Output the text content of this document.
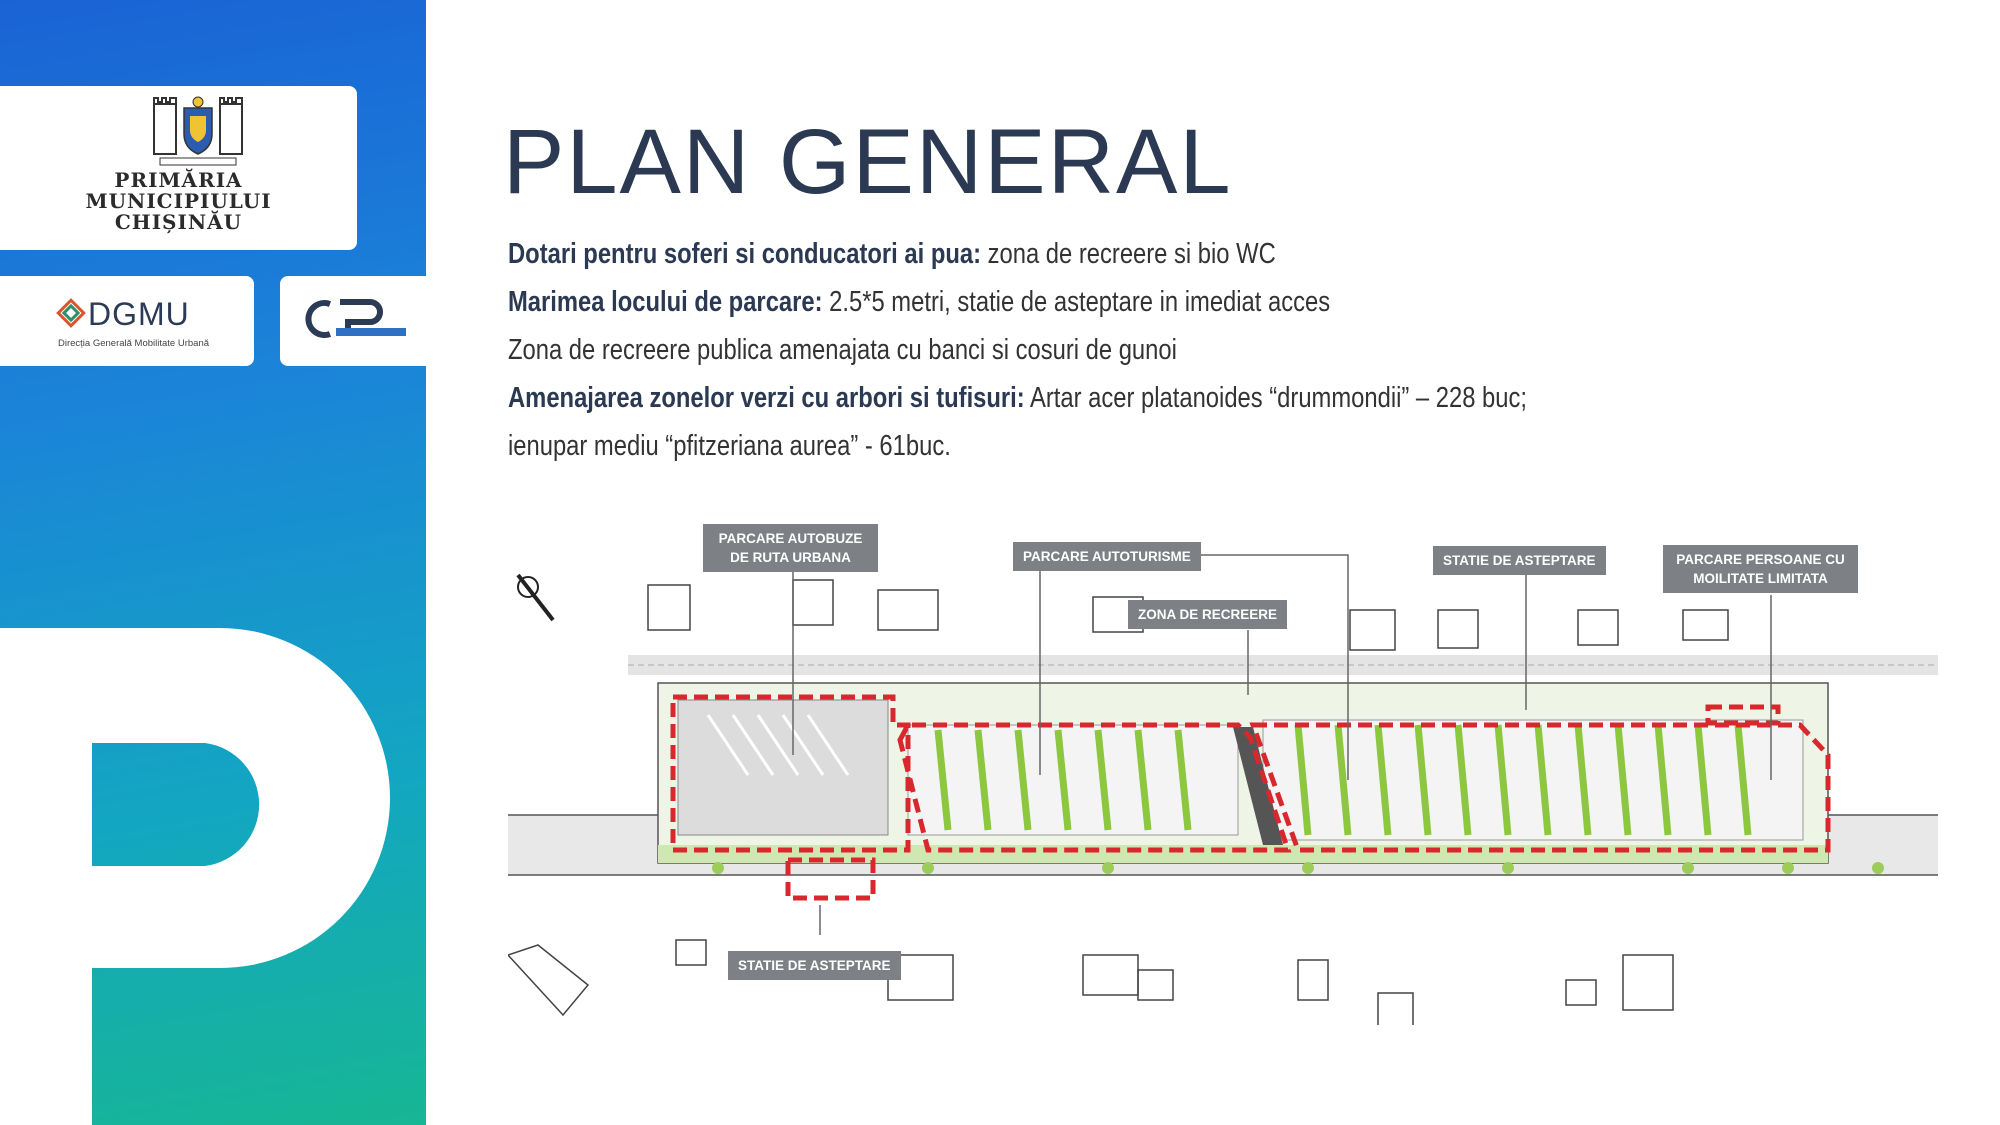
PRIMĂRIA
MUNICIPIULUI
CHIȘINĂU
DGMU
Direcția Generală Mobilitate Urbană
PLAN GENERAL
Dotari pentru soferi si conducatori ai pua: zona de recreere si bio WC
Marimea locului de parcare: 2.5*5 metri, statie de asteptare in imediat acces
Zona de recreere publica amenajata cu banci si cosuri de gunoi
Amenajarea zonelor verzi cu arbori si tufisuri: Artar acer platanoides “drummondii” – 228 buc;
ienupar mediu “pfitzeriana aurea” - 61buc.
PARCARE AUTOBUZE
DE RUTA URBANA	PARCARE AUTOTURISME
ZONA DE RECREERE
STATIE DE ASTEPTARE	PARCARE PERSOANE CU
MOILITATE LIMITATA
STATIE DE ASTEPTARE
